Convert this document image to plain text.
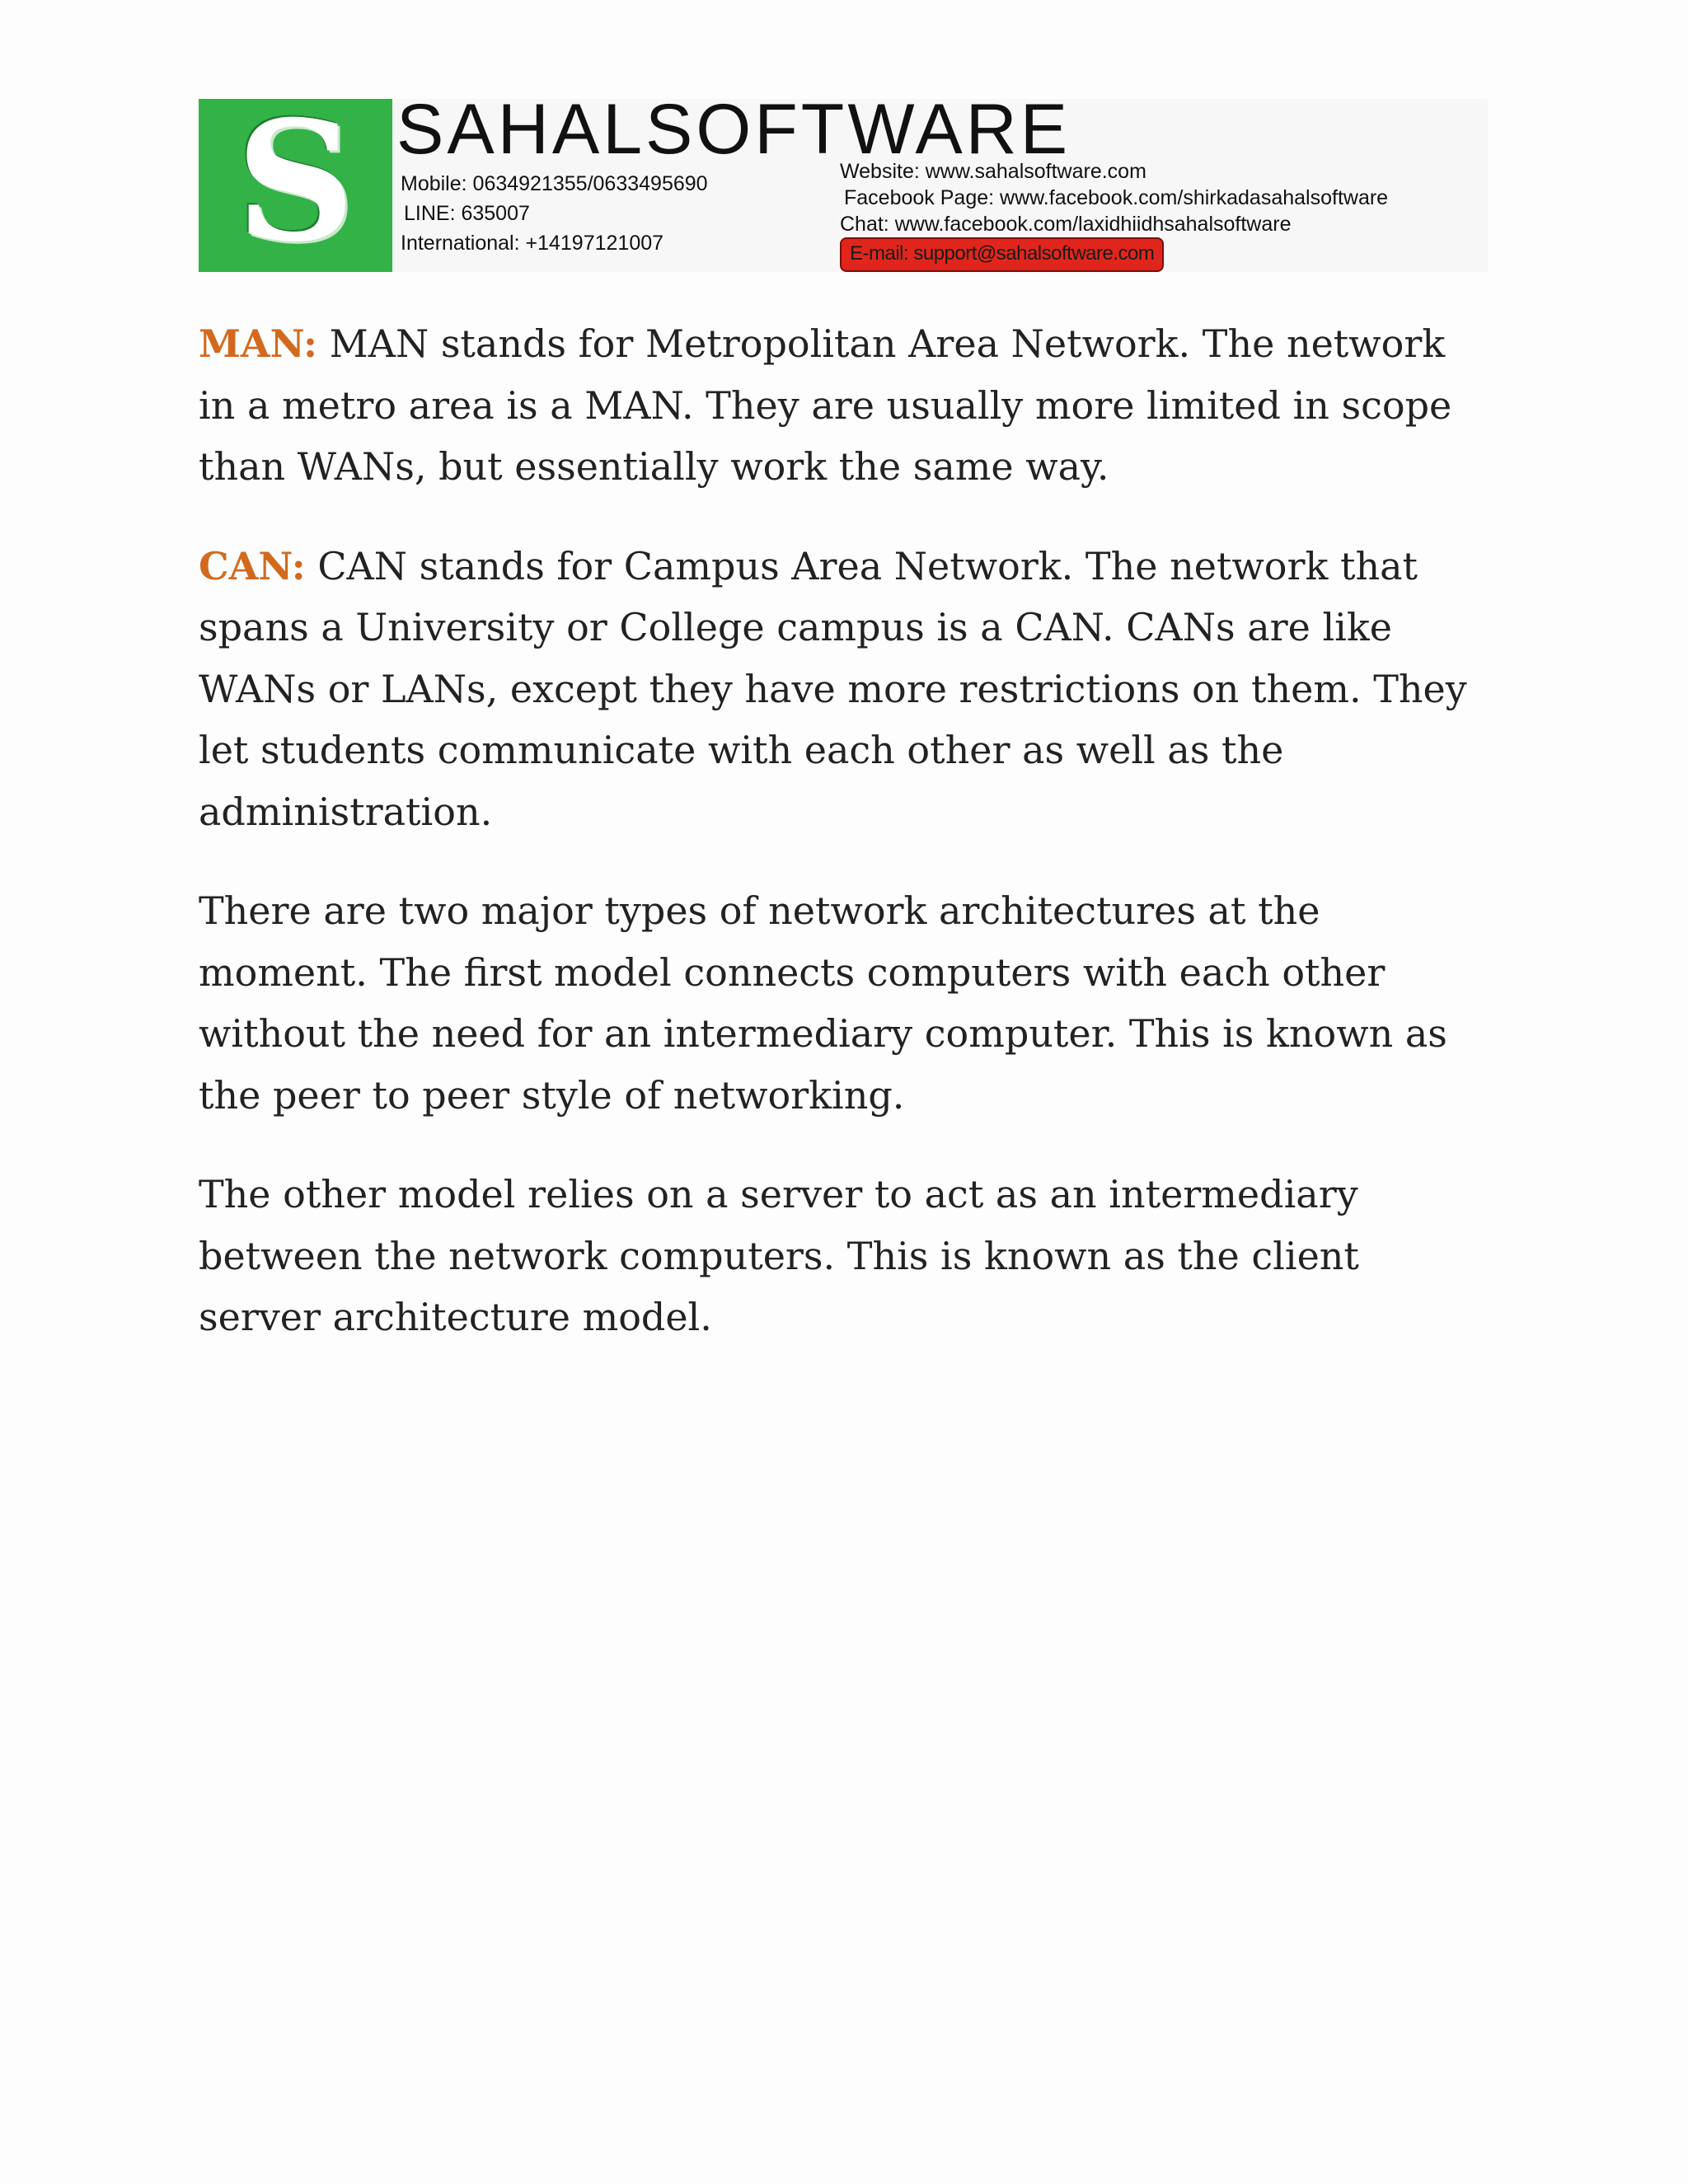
S SAHALSOFTWARE
Mobile: 0634921355/0633495690
LINE: 635007
International: +14197121007
Website: www.sahalsoftware.com
Facebook Page: www.facebook.com/shirkadasahalsoftware
Chat: www.facebook.com/laxidhiidhsahalsoftware
E-mail: support@sahalsoftware.com

MAN: MAN stands for Metropolitan Area Network. The network in a metro area is a MAN. They are usually more limited in scope than WANs, but essentially work the same way.

CAN: CAN stands for Campus Area Network. The network that spans a University or College campus is a CAN. CANs are like WANs or LANs, except they have more restrictions on them. They let students communicate with each other as well as the administration.

There are two major types of network architectures at the moment. The first model connects computers with each other without the need for an intermediary computer. This is known as the peer to peer style of networking.

The other model relies on a server to act as an intermediary between the network computers. This is known as the client server architecture model.
